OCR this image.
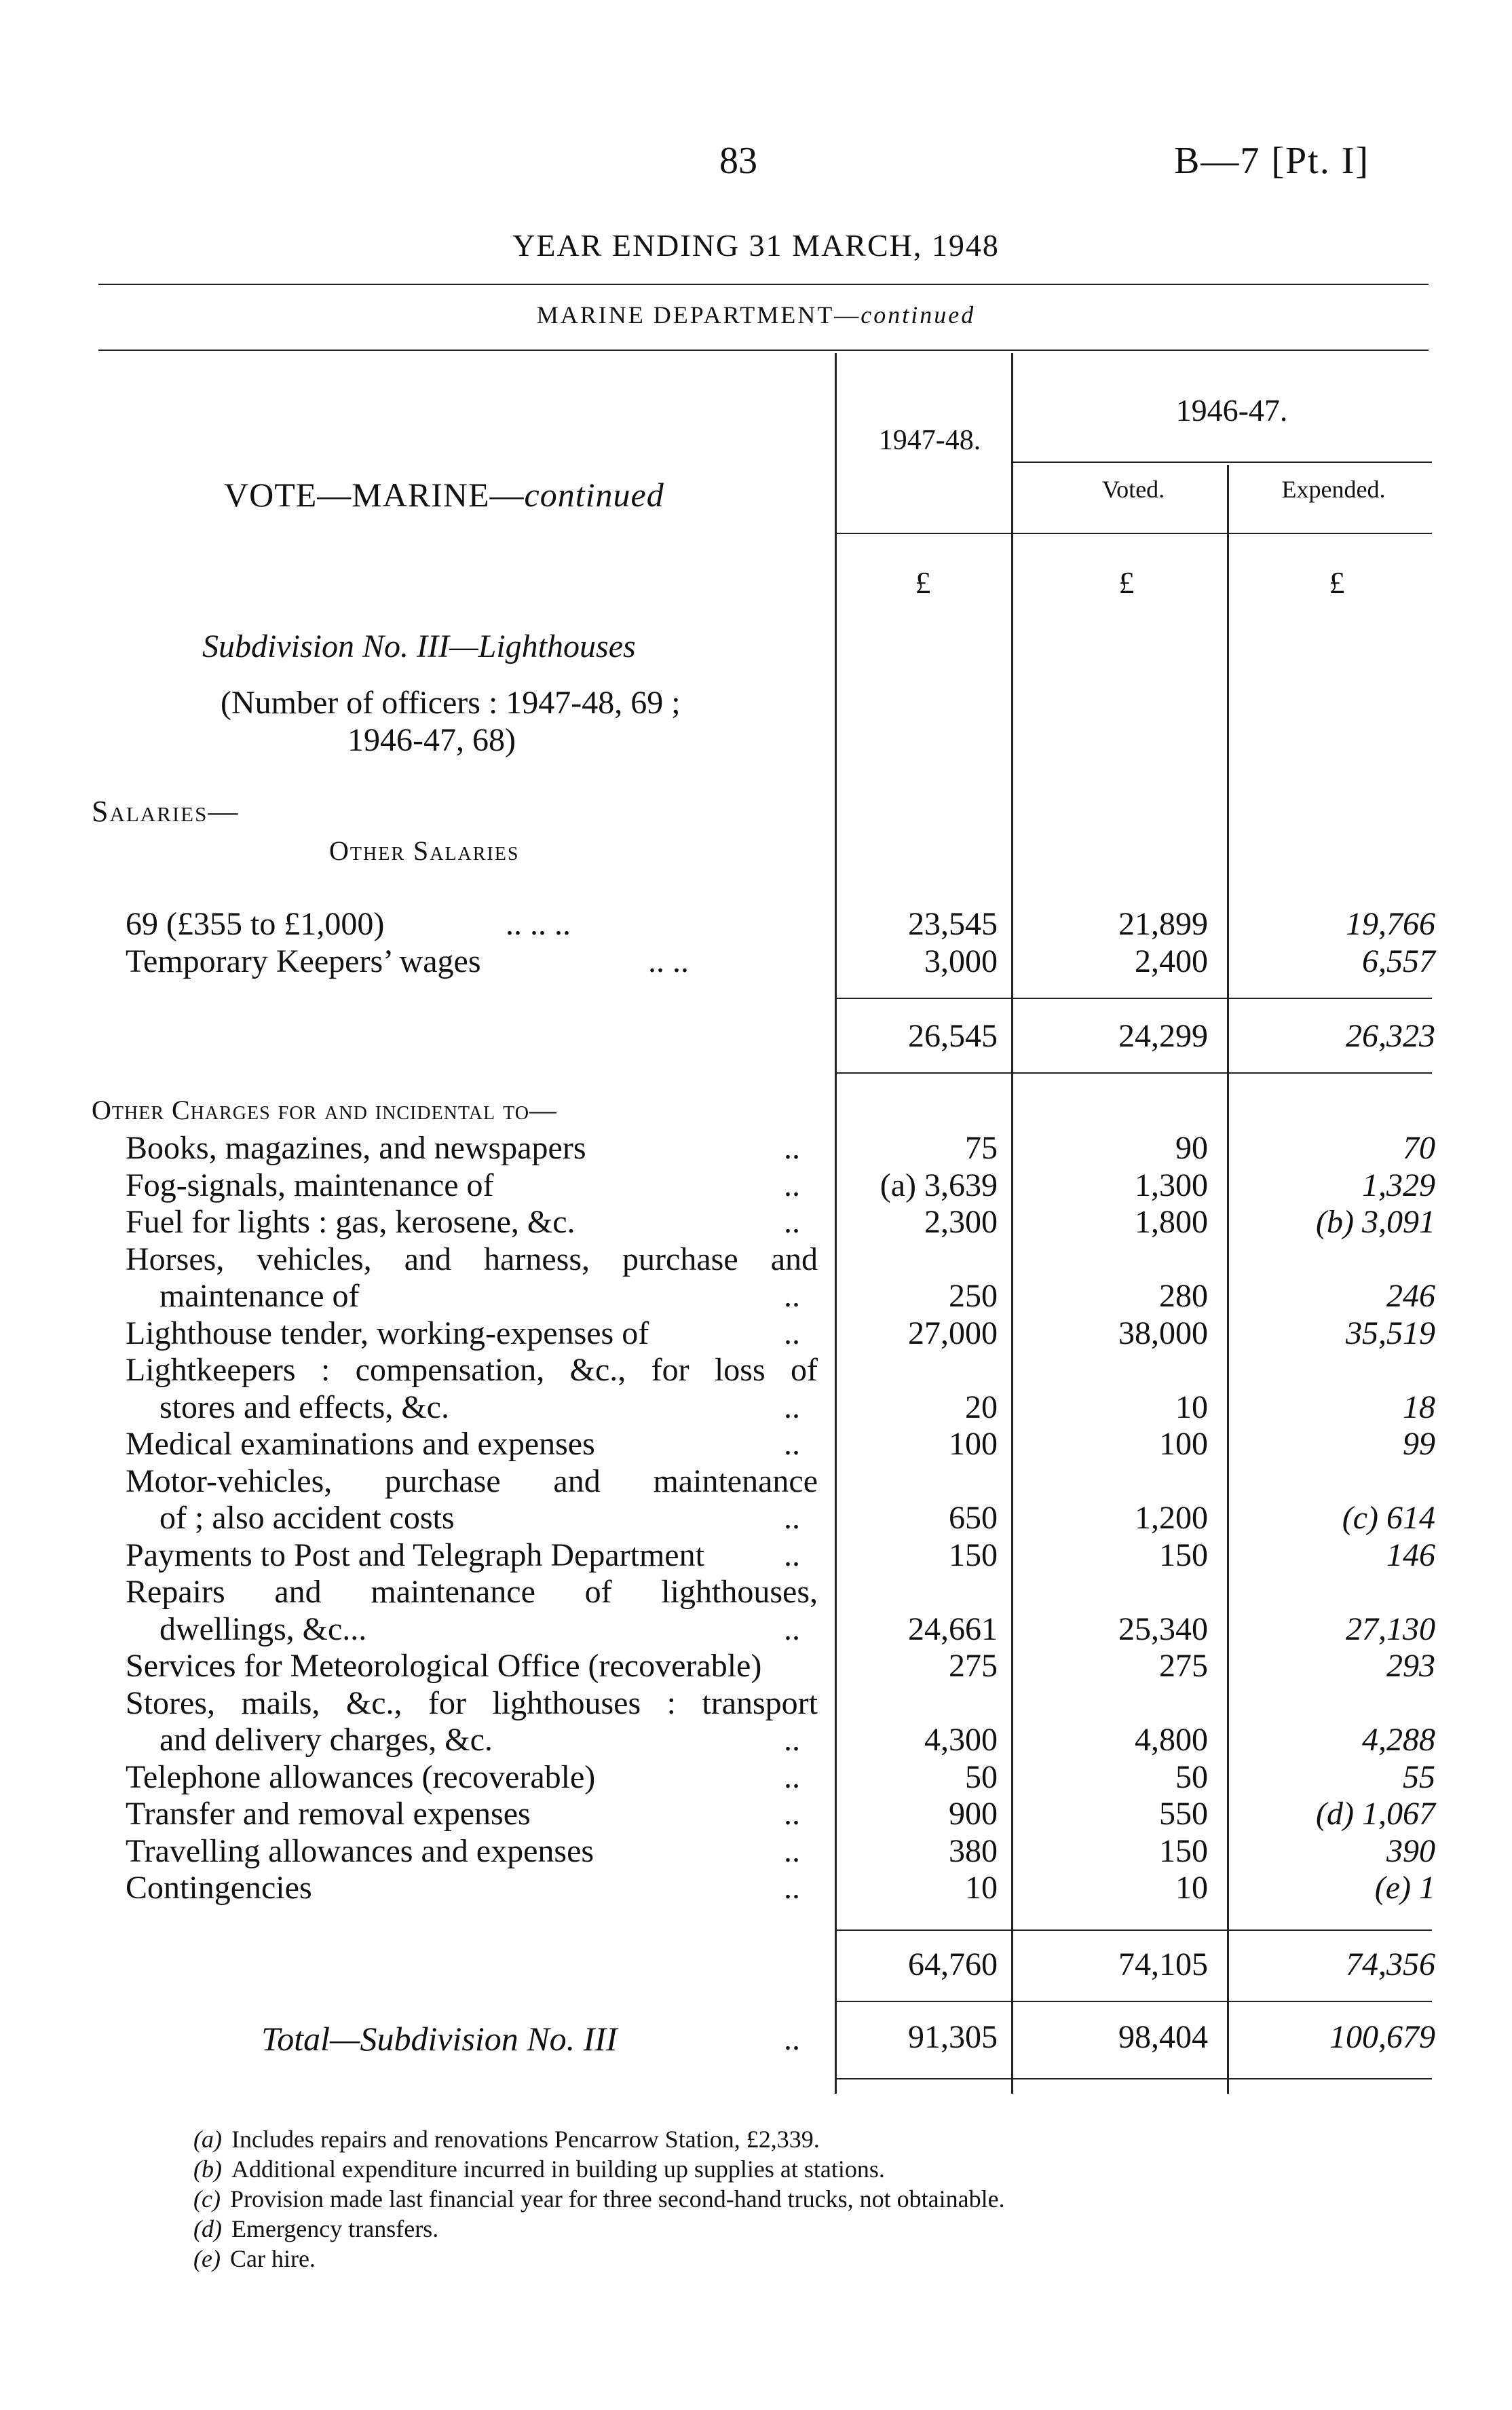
83	B—7 [Pt. I]
YEAR ENDING 31 MARCH, 1948
MARINE DEPARTMENT—continued
VOTE—MARINE—continued
1947-48.
1946-47.
Voted.	Expended.
£	£	£
Subdivision No. III—Lighthouses
(Number of officers : 1947-48, 69 ;
1946-47, 68)
Salaries—
Other Salaries
69 (£355 to £1,000)	.. .. ..	23,545	21,899	19,766
Temporary Keepers’ wages	.. ..	3,000	2,400	6,557
26,545	24,299	26,323
Other Charges for and incidental to—
Books, magazines, and newspapers	..	75	90	70
Fog-signals, maintenance of	..	(a) 3,639	1,300	1,329
Fuel for lights : gas, kerosene, &c.	..	2,300	1,800	(b) 3,091
Horses, vehicles, and harness, purchase and
maintenance of	..	250	280	246
Lighthouse tender, working-expenses of	..	27,000	38,000	35,519
Lightkeepers : compensation, &c., for loss of
stores and effects, &c.	..	20	10	18
Medical examinations and expenses	..	100	100	99
Motor-vehicles, purchase and maintenance
of ; also accident costs	..	650	1,200	(c) 614
Payments to Post and Telegraph Department ..	150	150	146
Repairs and maintenance of lighthouses,
dwellings, &c...	..	24,661	25,340	27,130
Services for Meteorological Office (recoverable)	275	275	293
Stores, mails, &c., for lighthouses : transport
and delivery charges, &c.	..	4,300	4,800	4,288
Telephone allowances (recoverable)	..	50	50	55
Transfer and removal expenses	..	900	550	(d) 1,067
Travelling allowances and expenses	..	380	150	390
Contingencies	..	10	10	(e) 1
64,760	74,105	74,356
Total—Subdivision No. III	..	91,305	98,404	100,679
(a) Includes repairs and renovations Pencarrow Station, £2,339.
(b) Additional expenditure incurred in building up supplies at stations.
(c) Provision made last financial year for three second-hand trucks, not obtainable.
(d) Emergency transfers.
(e) Car hire.
